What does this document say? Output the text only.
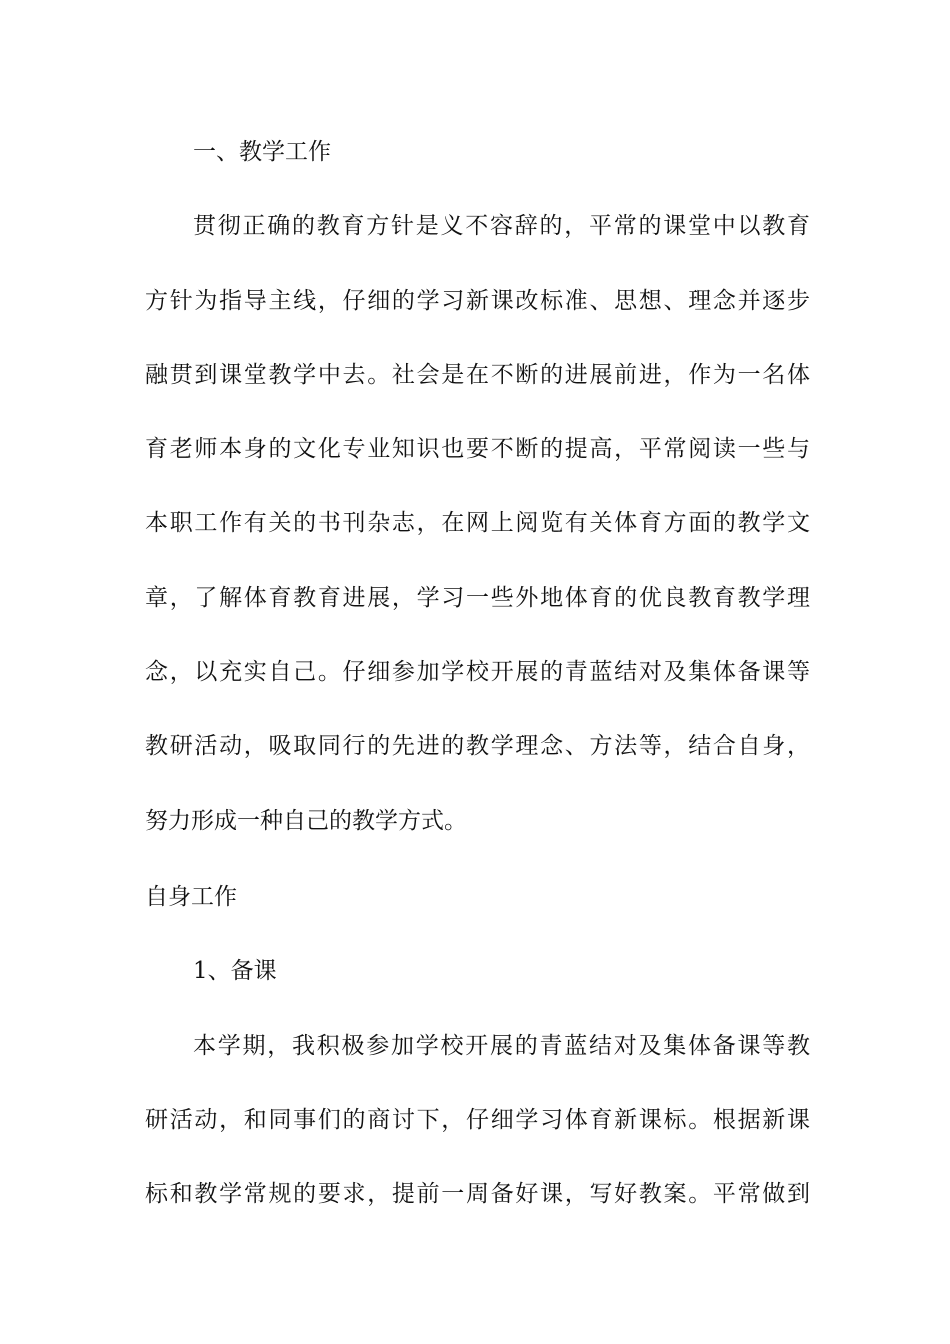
一、教学工作
贯彻正确的教育方针是义不容辞的，平常的课堂中以教育
方针为指导主线，仔细的学习新课改标准、思想、理念并逐步
融贯到课堂教学中去。社会是在不断的进展前进，作为一名体
育老师本身的文化专业知识也要不断的提高，平常阅读一些与
本职工作有关的书刊杂志，在网上阅览有关体育方面的教学文
章，了解体育教育进展，学习一些外地体育的优良教育教学理
念，以充实自己。仔细参加学校开展的青蓝结对及集体备课等
教研活动，吸取同行的先进的教学理念、方法等，结合自身，
努力形成一种自己的教学方式。
自身工作
1、备课
本学期，我积极参加学校开展的青蓝结对及集体备课等教
研活动，和同事们的商讨下，仔细学习体育新课标。根据新课
标和教学常规的要求，提前一周备好课，写好教案。平常做到
